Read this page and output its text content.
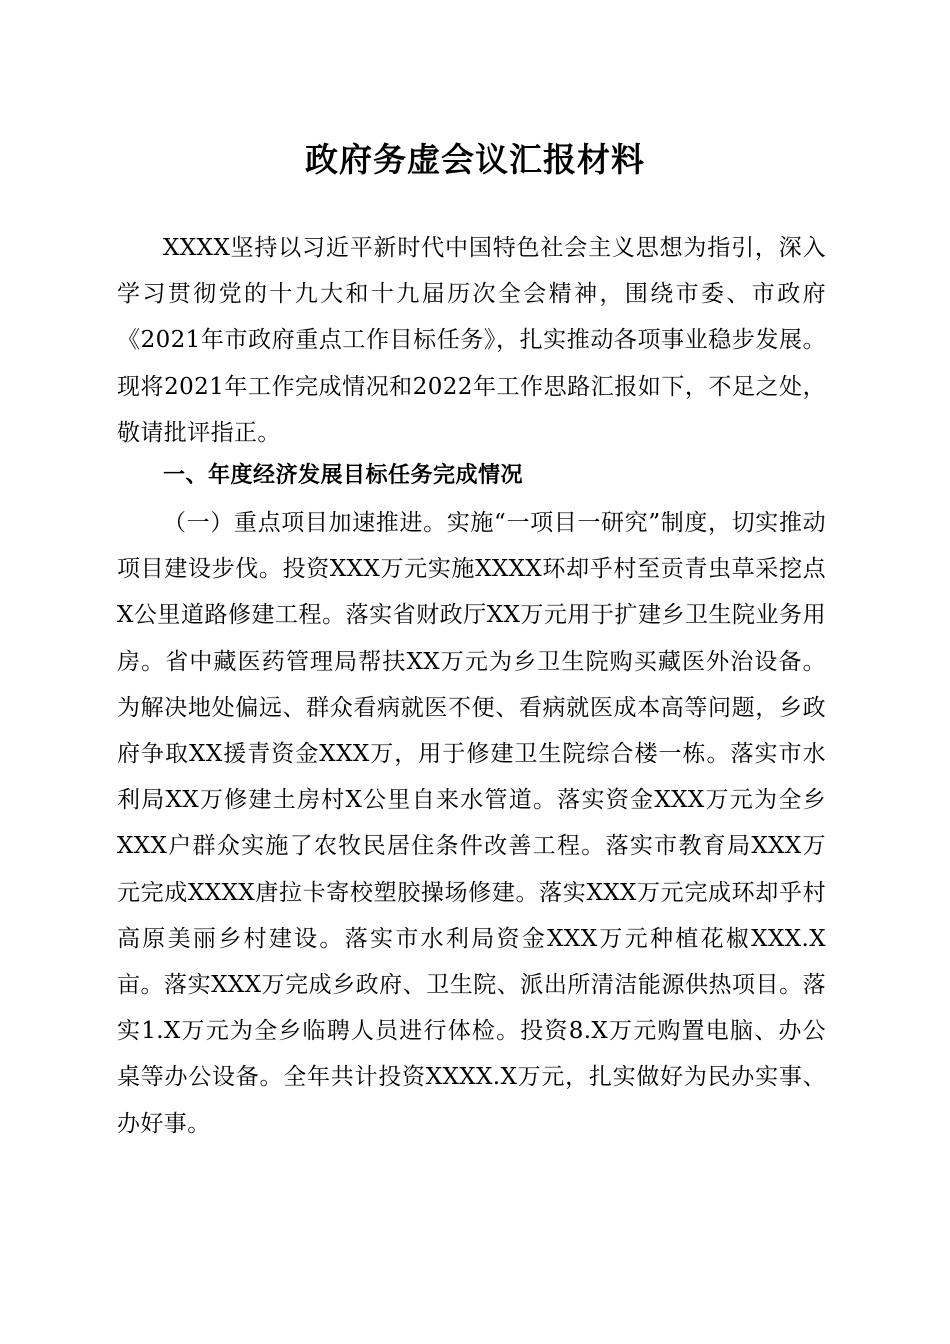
政府务虚会议汇报材料

XXXX坚持以习近平新时代中国特色社会主义思想为指引，深入学习贯彻党的十九大和十九届历次全会精神，围绕市委、市政府《2021年市政府重点工作目标任务》，扎实推动各项事业稳步发展。现将2021年工作完成情况和2022年工作思路汇报如下，不足之处，敬请批评指正。

一、年度经济发展目标任务完成情况

（一）重点项目加速推进。实施“一项目一研究”制度，切实推动项目建设步伐。投资XXX万元实施XXXX环却乎村至贡青虫草采挖点X公里道路修建工程。落实省财政厅XX万元用于扩建乡卫生院业务用房。省中藏医药管理局帮扶XX万元为乡卫生院购买藏医外治设备。为解决地处偏远、群众看病就医不便、看病就医成本高等问题，乡政府争取XX援青资金XXX万，用于修建卫生院综合楼一栋。落实市水利局XX万修建土房村X公里自来水管道。落实资金XXX万元为全乡XXX户群众实施了农牧民居住条件改善工程。落实市教育局XXX万元完成XXXX唐拉卡寄校塑胶操场修建。落实XXX万元完成环却乎村高原美丽乡村建设。落实市水利局资金XXX万元种植花椒XXX.X亩。落实XXX万完成乡政府、卫生院、派出所清洁能源供热项目。落实1.X万元为全乡临聘人员进行体检。投资8.X万元购置电脑、办公桌等办公设备。全年共计投资XXXX.X万元，扎实做好为民办实事、办好事。
